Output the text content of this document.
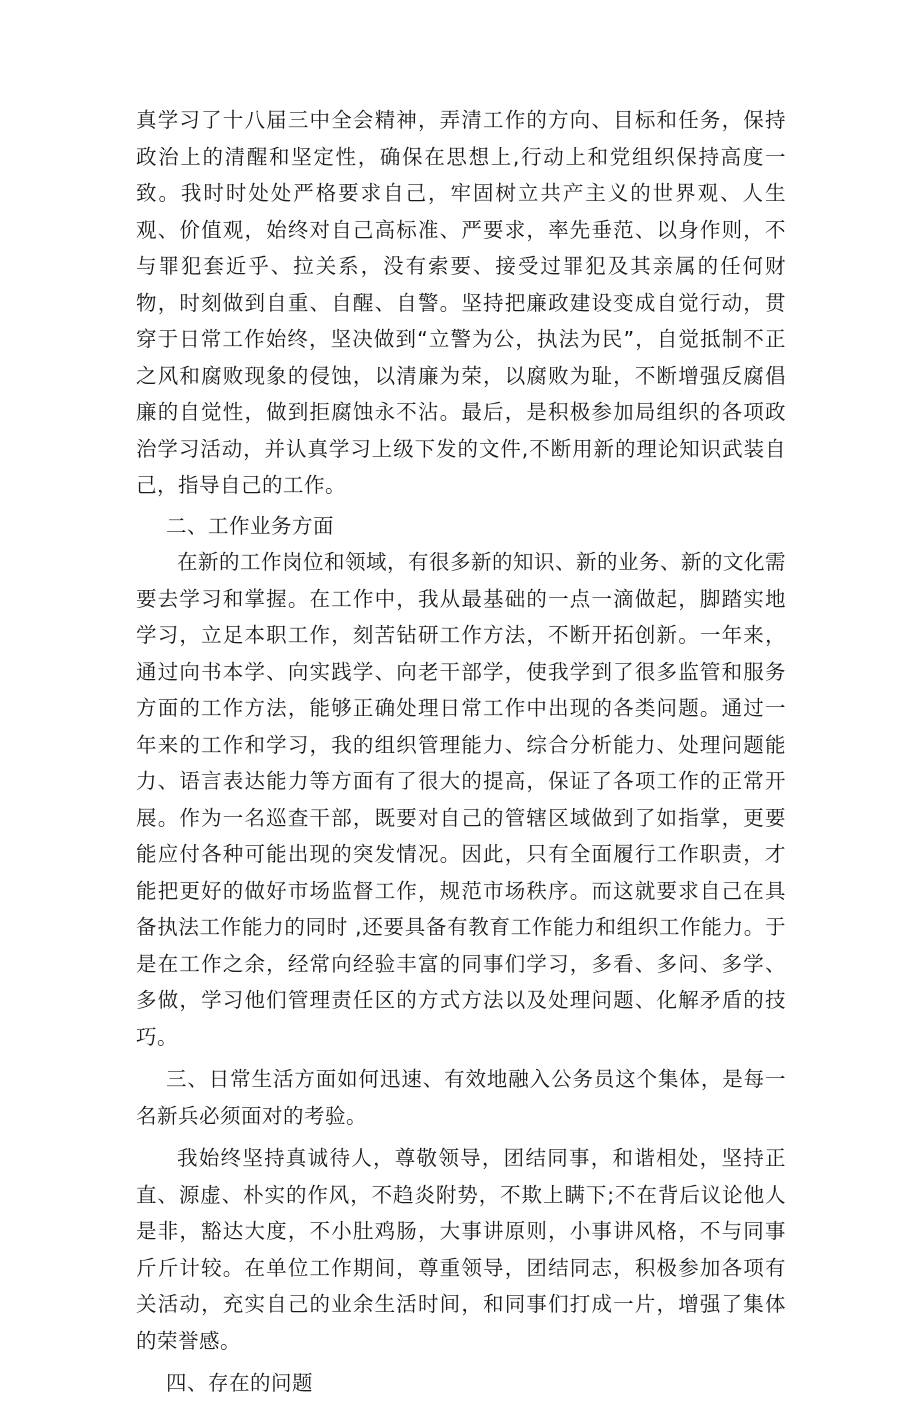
真学习了十八届三中全会精神，弄清工作的方向、目标和任务，保持政治上的清醒和坚定性，确保在思想上,行动上和党组织保持高度一致。我时时处处严格要求自己，牢固树立共产主义的世界观、人生观、价值观，始终对自己高标准、严要求，率先垂范、以身作则，不与罪犯套近乎、拉关系，没有索要、接受过罪犯及其亲属的任何财物，时刻做到自重、自醒、自警。坚持把廉政建设变成自觉行动，贯穿于日常工作始终，坚决做到“立警为公，执法为民”，自觉抵制不正之风和腐败现象的侵蚀，以清廉为荣，以腐败为耻，不断增强反腐倡廉的自觉性，做到拒腐蚀永不沾。最后，是积极参加局组织的各项政治学习活动，并认真学习上级下发的文件,不断用新的理论知识武装自己，指导自己的工作。

二、工作业务方面

在新的工作岗位和领域，有很多新的知识、新的业务、新的文化需要去学习和掌握。在工作中，我从最基础的一点一滴做起，脚踏实地学习，立足本职工作，刻苦钻研工作方法，不断开拓创新。一年来，通过向书本学、向实践学、向老干部学，使我学到了很多监管和服务方面的工作方法，能够正确处理日常工作中出现的各类问题。通过一年来的工作和学习，我的组织管理能力、综合分析能力、处理问题能力、语言表达能力等方面有了很大的提高，保证了各项工作的正常开展。作为一名巡查干部，既要对自己的管辖区域做到了如指掌，更要能应付各种可能出现的突发情况。因此，只有全面履行工作职责，才能把更好的做好市场监督工作，规范市场秩序。而这就要求自己在具备执法工作能力的同时 ,还要具备有教育工作能力和组织工作能力。于是在工作之余，经常向经验丰富的同事们学习，多看、多问、多学、多做，学习他们管理责任区的方式方法以及处理问题、化解矛盾的技巧。

三、日常生活方面如何迅速、有效地融入公务员这个集体，是每一名新兵必须面对的考验。

我始终坚持真诚待人，尊敬领导，团结同事，和谐相处，坚持正直、源虚、朴实的作风，不趋炎附势，不欺上瞒下;不在背后议论他人是非，豁达大度，不小肚鸡肠，大事讲原则，小事讲风格，不与同事斤斤计较。在单位工作期间，尊重领导，团结同志，积极参加各项有关活动，充实自己的业余生活时间，和同事们打成一片，增强了集体的荣誉感。

四、存在的问题
